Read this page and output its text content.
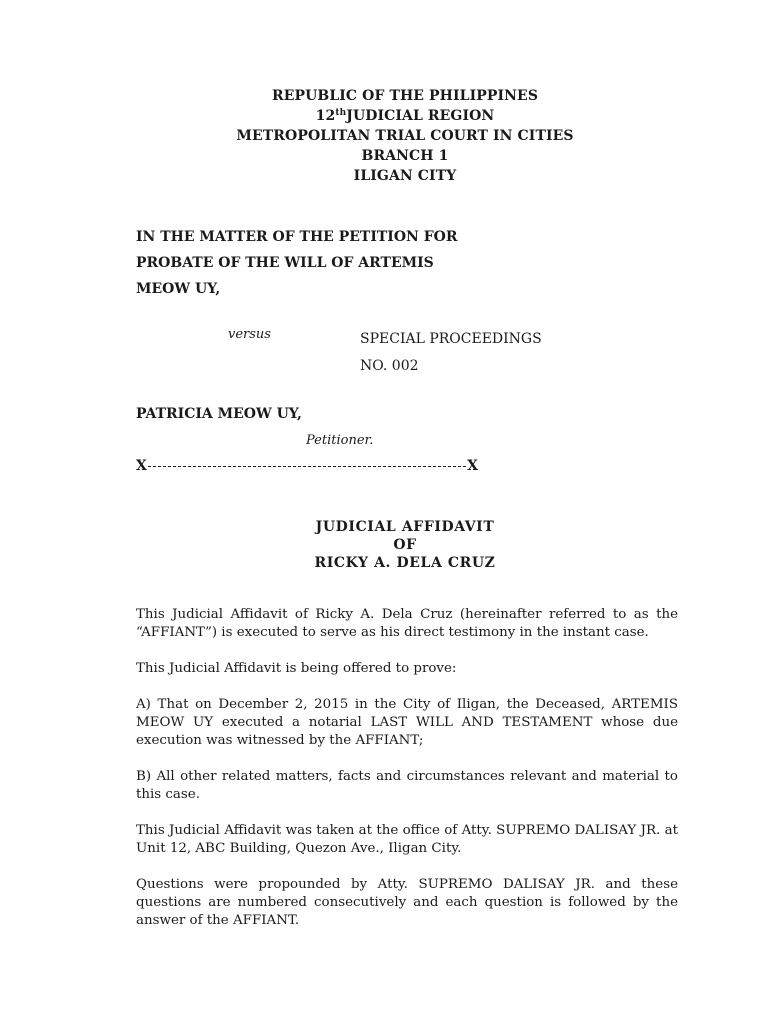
REPUBLIC OF THE PHILIPPINES
12thJUDICIAL REGION
METROPOLITAN TRIAL COURT IN CITIES
BRANCH 1
ILIGAN CITY
IN THE MATTER OF THE PETITION FOR
PROBATE OF THE WILL OF ARTEMIS
MEOW UY,
versus	SPECIAL PROCEEDINGS
NO. 002
PATRICIA MEOW UY,
Petitioner.
X	X
JUDICIAL AFFIDAVIT
OF
RICKY A. DELA CRUZ

This Judicial Affidavit of Ricky A. Dela Cruz (hereinafter referred to as the “AFFIANT”) is executed to serve as his direct testimony in the instant case.

This Judicial Affidavit is being offered to prove:

A) That on December 2, 2015 in the City of Iligan, the Deceased, ARTEMIS MEOW UY executed a notarial LAST WILL AND TESTAMENT whose due execution was witnessed by the AFFIANT;

B) All other related matters, facts and circumstances relevant and material to this case.

This Judicial Affidavit was taken at the office of Atty. SUPREMO DALISAY JR. at Unit 12, ABC Building, Quezon Ave., Iligan City.

Questions were propounded by Atty. SUPREMO DALISAY JR. and these questions are numbered consecutively and each question is followed by the answer of the AFFIANT.
